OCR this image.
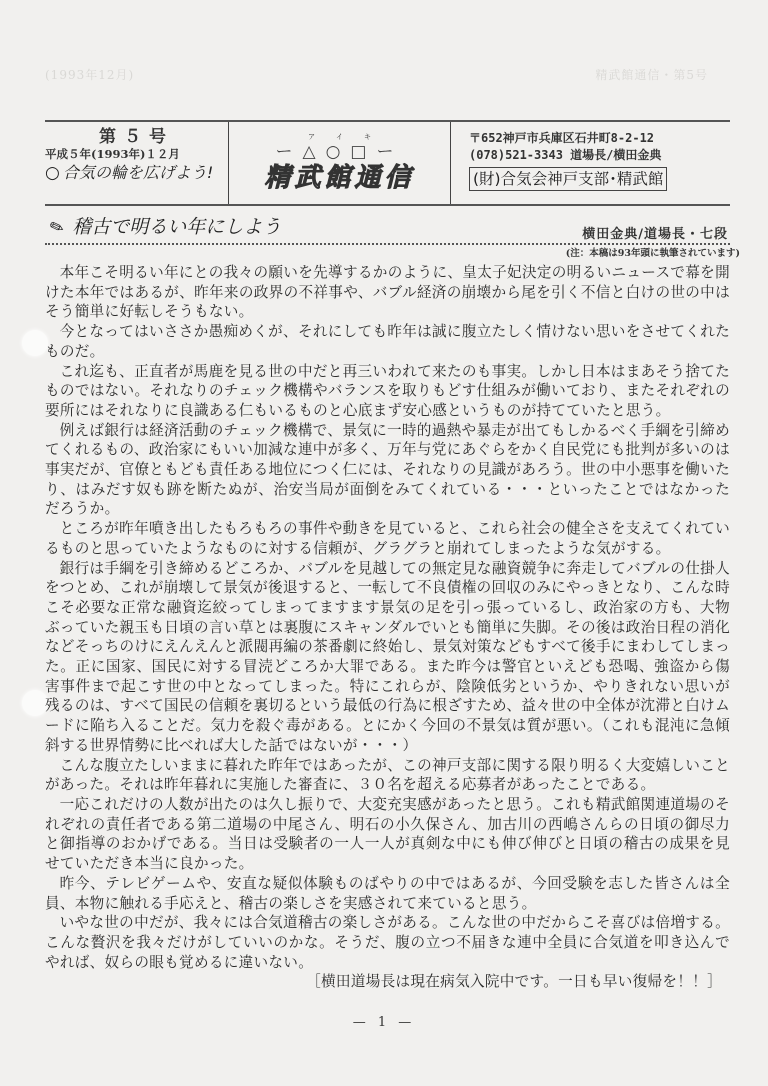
(1993年12月)	精武館通信・第5号
第５号
平成５年(1993年)１２月
○ 合気の輪を広げよう!
ア	イ	キ
ー△○□ー
精武館通信
〒652神戸市兵庫区石井町8-2-12
(078)521-3343 道場長/横田金典
(財)合気会神戸支部･精武館
✎ 稽古で明るい年にしよう	横田金典/道場長・七段
(注：本稿は93年頭に執筆されています)

本年こそ明るい年にとの我々の願いを先導するかのように、皇太子妃決定の明るいニュースで幕を開けた本年ではあるが、昨年来の政界の不祥事や、バブル経済の崩壊から尾を引く不信と白けの世の中はそう簡単に好転しそうもない。

今となってはいささか愚痴めくが、それにしても昨年は誠に腹立たしく情けない思いをさせてくれたものだ。

これ迄も、正直者が馬鹿を見る世の中だと再三いわれて来たのも事実。しかし日本はまあそう捨てたものではない。それなりのチェック機構やバランスを取りもどす仕組みが働いており、またそれぞれの要所にはそれなりに良識ある仁もいるものと心底まず安心感というものが持てていたと思う。

例えば銀行は経済活動のチェック機構で、景気に一時的過熱や暴走が出てもしかるべく手綱を引締めてくれるもの、政治家にもいい加減な連中が多く、万年与党にあぐらをかく自民党にも批判が多いのは事実だが、官僚ともども責任ある地位につく仁には、それなりの見識があろう。世の中小悪事を働いたり、はみだす奴も跡を断たぬが、治安当局が面倒をみてくれている・・・といったことではなかっただろうか。

ところが昨年噴き出したもろもろの事件や動きを見ていると、これら社会の健全さを支えてくれているものと思っていたようなものに対する信頼が、グラグラと崩れてしまったような気がする。

銀行は手綱を引き締めるどころか、バブルを見越しての無定見な融資競争に奔走してバブルの仕掛人をつとめ、これが崩壊して景気が後退すると、一転して不良債権の回収のみにやっきとなり、こんな時こそ必要な正常な融資迄絞ってしまってますます景気の足を引っ張っているし、政治家の方も、大物ぶっていた親玉も日頃の言い草とは裏腹にスキャンダルでいとも簡単に失脚。その後は政治日程の消化などそっちのけにえんえんと派閥再編の茶番劇に終始し、景気対策などもすべて後手にまわしてしまった。正に国家、国民に対する冒涜どころか大罪である。また昨今は警官といえども恐喝、強盗から傷害事件まで起こす世の中となってしまった。特にこれらが、陰険低劣というか、やりきれない思いが残るのは、すべて国民の信頼を裏切るという最低の行為に根ざすため、益々世の中全体が沈滞と白けムードに陥ち入ることだ。気力を殺ぐ毒がある。とにかく今回の不景気は質が悪い。（これも混沌に急傾斜する世界情勢に比べれば大した話ではないが・・・）

こんな腹立たしいままに暮れた昨年ではあったが、この神戸支部に関する限り明るく大変嬉しいことがあった。それは昨年暮れに実施した審査に、３０名を超える応募者があったことである。

一応これだけの人数が出たのは久し振りで、大変充実感があったと思う。これも精武館関連道場のそれぞれの責任者である第二道場の中尾さん、明石の小久保さん、加古川の西嶋さんらの日頃の御尽力と御指導のおかげである。当日は受験者の一人一人が真剣な中にも伸び伸びと日頃の稽古の成果を見せていただき本当に良かった。

昨今、テレビゲームや、安直な疑似体験ものばやりの中ではあるが、今回受験を志した皆さんは全員、本物に触れる手応えと、稽古の楽しさを実感されて来ていると思う。

いやな世の中だが、我々には合気道稽古の楽しさがある。こんな世の中だからこそ喜びは倍増する。こんな贅沢を我々だけがしていいのかな。そうだ、腹の立つ不届きな連中全員に合気道を叩き込んでやれば、奴らの眼も覚めるに違いない。

［横田道場長は現在病気入院中です。一日も早い復帰を！！］

— 1 —
